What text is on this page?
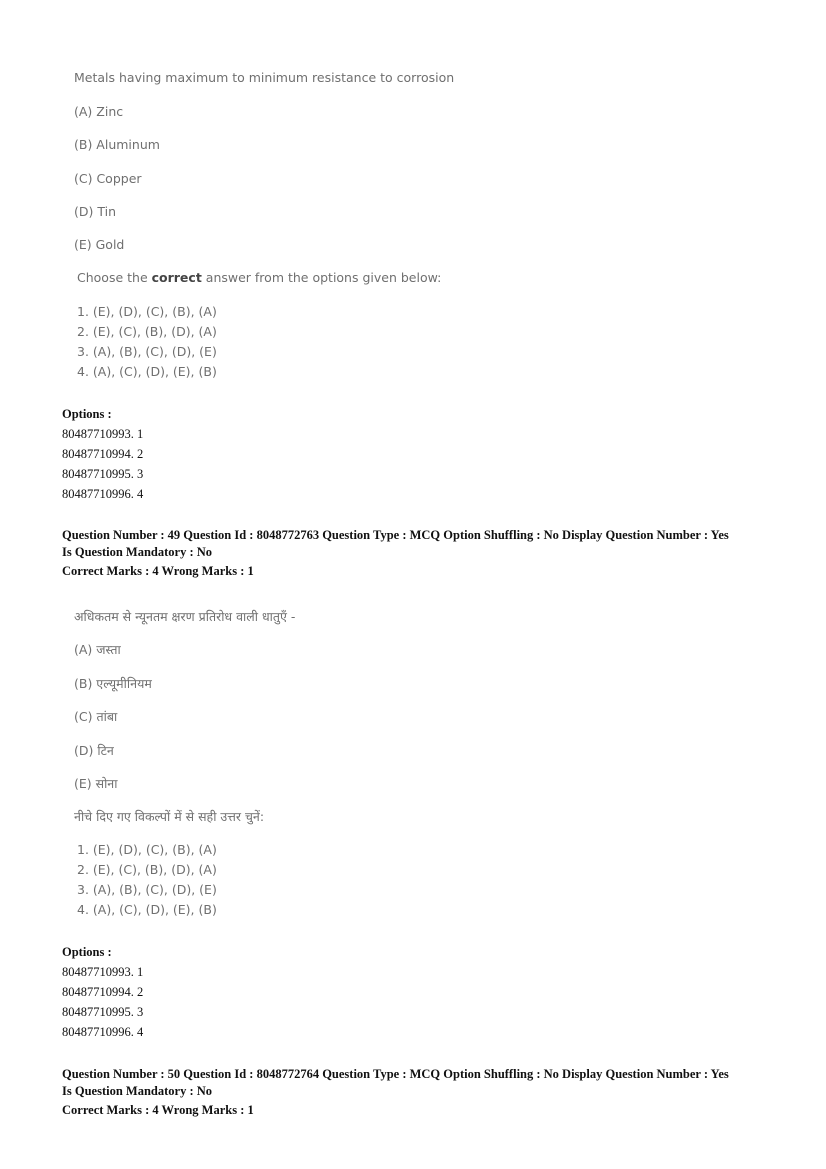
Metals having maximum to minimum resistance to corrosion

(A) Zinc
(B) Aluminum
(C) Copper
(D) Tin
(E) Gold
Choose the correct answer from the options given below:
1. (E), (D), (C), (B), (A)
2. (E), (C), (B), (D), (A)
3. (A), (B), (C), (D), (E)
4. (A), (C), (D), (E), (B)
Options :
80487710993. 1
80487710994. 2
80487710995. 3
80487710996. 4
Question Number : 49 Question Id : 8048772763 Question Type : MCQ Option Shuffling : No Display Question Number : Yes
Is Question Mandatory : No
Correct Marks : 4 Wrong Marks : 1

अधिकतम से न्यूनतम क्षरण प्रतिरोध वाली धातुएँ -

(A) जस्ता
(B) एल्यूमीनियम
(C) तांबा
(D) टिन
(E) सोना
नीचे दिए गए विकल्पों में से सही उत्तर चुनें:
1. (E), (D), (C), (B), (A)
2. (E), (C), (B), (D), (A)
3. (A), (B), (C), (D), (E)
4. (A), (C), (D), (E), (B)
Options :
80487710993. 1
80487710994. 2
80487710995. 3
80487710996. 4
Question Number : 50 Question Id : 8048772764 Question Type : MCQ Option Shuffling : No Display Question Number : Yes
Is Question Mandatory : No
Correct Marks : 4 Wrong Marks : 1
